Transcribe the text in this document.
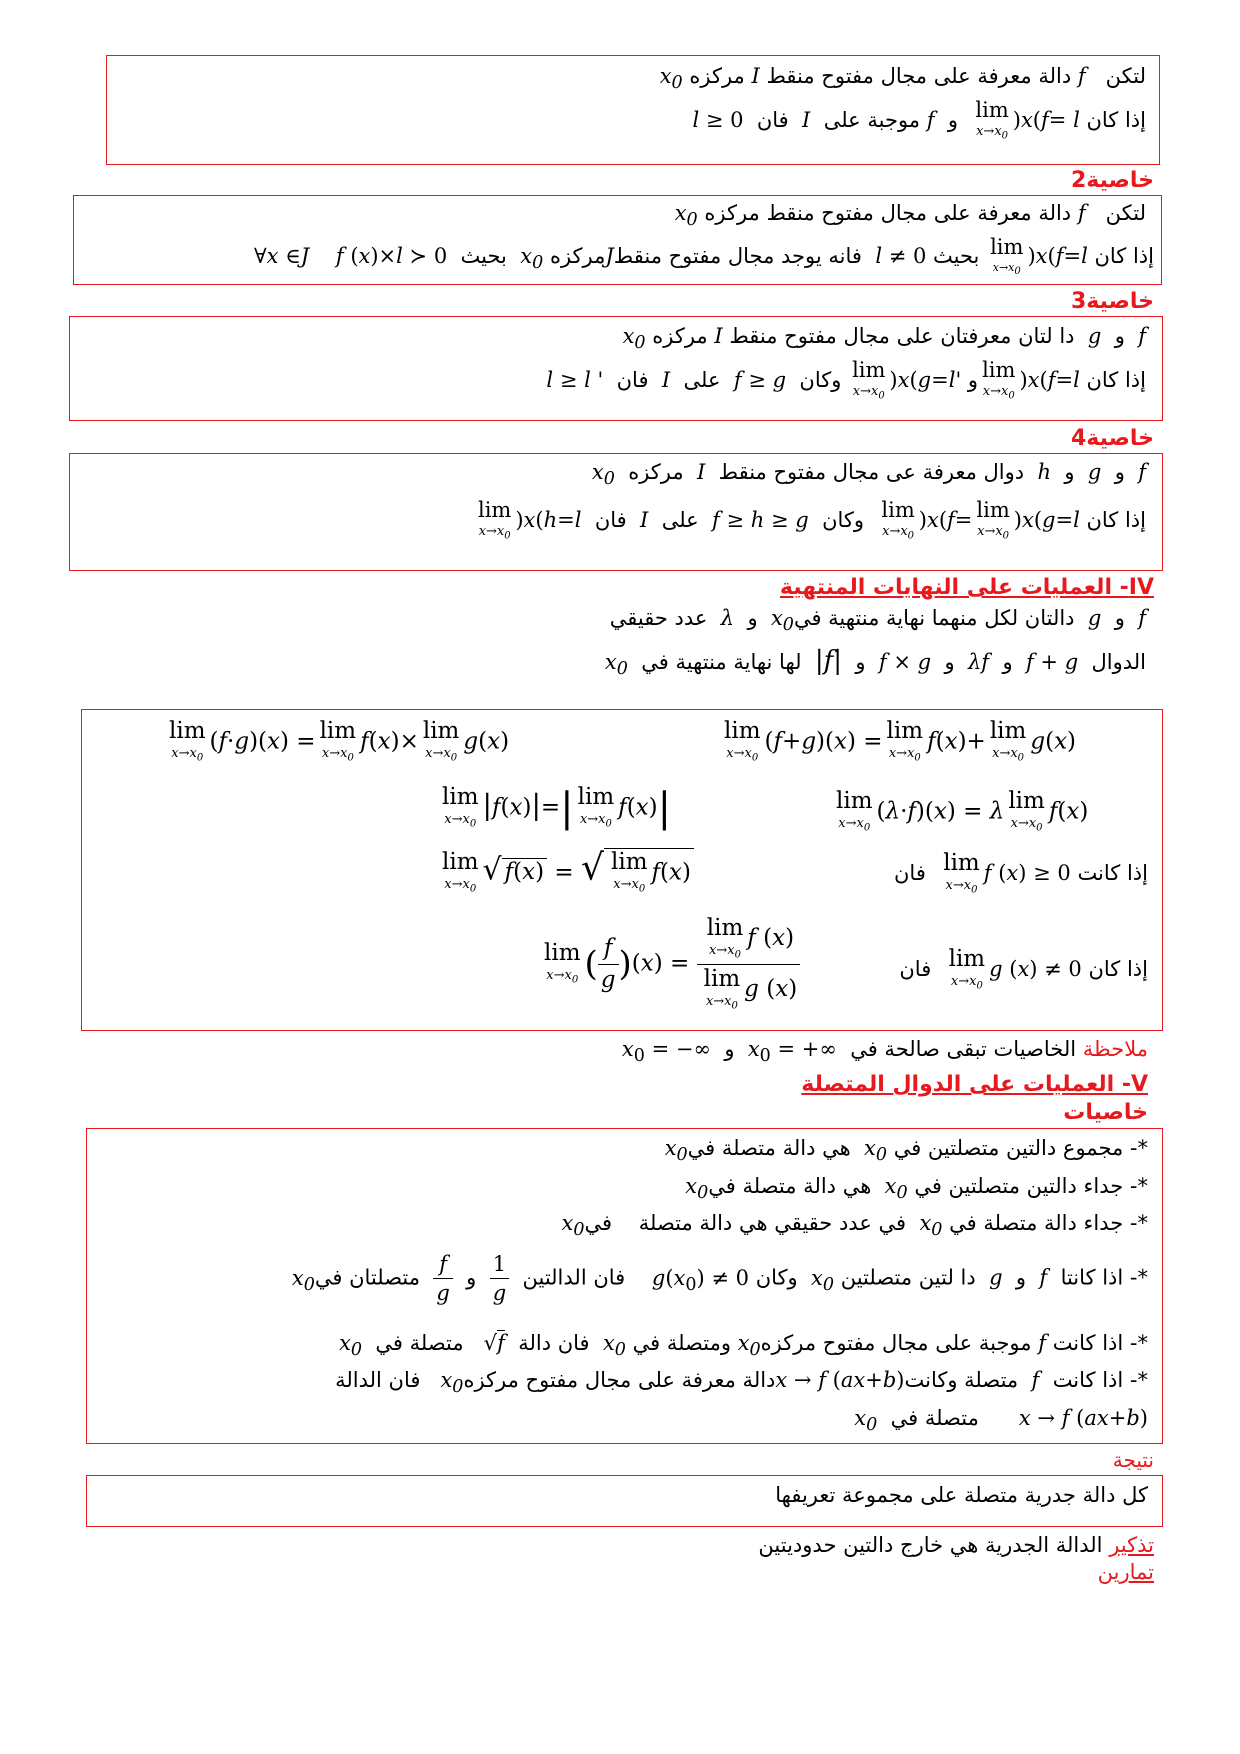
لتكن   f دالة معرفة على مجال مفتوح منقط I مركزه $x_0$
إذا كان l =f(x)lim
$x\to x_0$
و  f موجبة على  I  فان  l ≥ 0
خاصية2
لتكن   f دالة معرفة على مجال مفتوح منقط مركزه $x_0$
إذا كان l=f(x)lim
$x\to x_0$
بحيث l ≠ 0  فانه يوجد مجال مفتوح منقطJمركزه $x_0$  بحيث  f (x)×l ≻ 0    ∀x ∈J
خاصية3
f  و  g  دا لتان معرفتان على مجال مفتوح منقط I مركزه $x_0$
إذا كان l=f(x)lim
$x\to x_0$
و l'=g(x)lim
$x\to x_0$
وكان  f ≥ g  على  I  فان  l ≥ l '
خاصية4
f  و  g  و  h  دوال معرفة عى مجال مفتوح منقط  I  مركزه  $x_0$
إذا كان l=g(x)lim
$x\to x_0$
=f(x)lim
$x\to x_0$
وكان  f ≥ h ≥ g  على  I  فان  l=h(x)lim
$x\to x_0$
IV- العمليات على النهايات المنتهية
f  و  g  دالتان لكل منهما نهاية منتهية فيx$_0$  و  λ  عدد حقيقي
الدوال  f + g  و  λf  و  f × g  و  |f|  لها نهاية منتهية في  $x_0$
lim
$x\to x_0$
(f+g)(x) = lim
$x\to x_0$
f(x)+ lim
$x\to x_0$
g(x)
lim
$x\to x_0$
(f·g)(x) = lim
$x\to x_0$
f(x)× lim
$x\to x_0$
g(x)
lim
$x\to x_0$
(λ·f)(x) = λ lim
$x\to x_0$
f(x)
lim
$x\to x_0$
|f(x)|=| lim
$x\to x_0$
f(x)|
إذا كانت f (x) ≥ 0lim
$x\to x_0$
فان
lim
$x\to x_0$
√ f(x) = √ lim
$x\to x_0$
f(x)
إذا كان g (x) ≠ 0lim
$x\to x_0$
فان
lim
$x\to x_0$ ( $\frac{f}{g} )(x) = \lim$
$x\to x_0$
f (x)
lim
$x\to x_0$
g (x)
ملاحظة الخاصيات تبقى صالحة في  $x_0$ = +∞  و  $x_0$ = −∞
V- العمليات على الدوال المتصلة
خاصيات
*- مجموع دالتين متصلتين في $x_0$  هي دالة متصلة فيx$_0$
*- جداء دالتين متصلتين في $x_0$  هي دالة متصلة فيx$_0$
*- جداء دالة متصلة في $x_0$  في عدد حقيقي هي دالة متصلة    فيx$_0$
*- اذا كانتا  f  و  g  دا لتين متصلتين $x_0$  وكان $g(x_0) \ne 0$    فان الدالتين
$\frac{1}{g}$
و
$\frac{f}{g}$
متصلتان فيx$_0$
*- اذا كانت f موجبة على مجال مفتوح مركزهx$_0$ ومتصلة في $x_0$  فان دالة  √f   متصلة في  $x_0$
*- اذا كانت  f  متصلة وكانتx → f (ax+b)دالة معرفة على مجال مفتوح مركزهx$_0$   فان الدالة
x → f (ax+b)      متصلة في  $x_0$
نتيجة
كل دالة جدرية متصلة على مجموعة تعريفها
تذكير الدالة الجدرية هي خارج دالتين حدوديتين
تمارين
